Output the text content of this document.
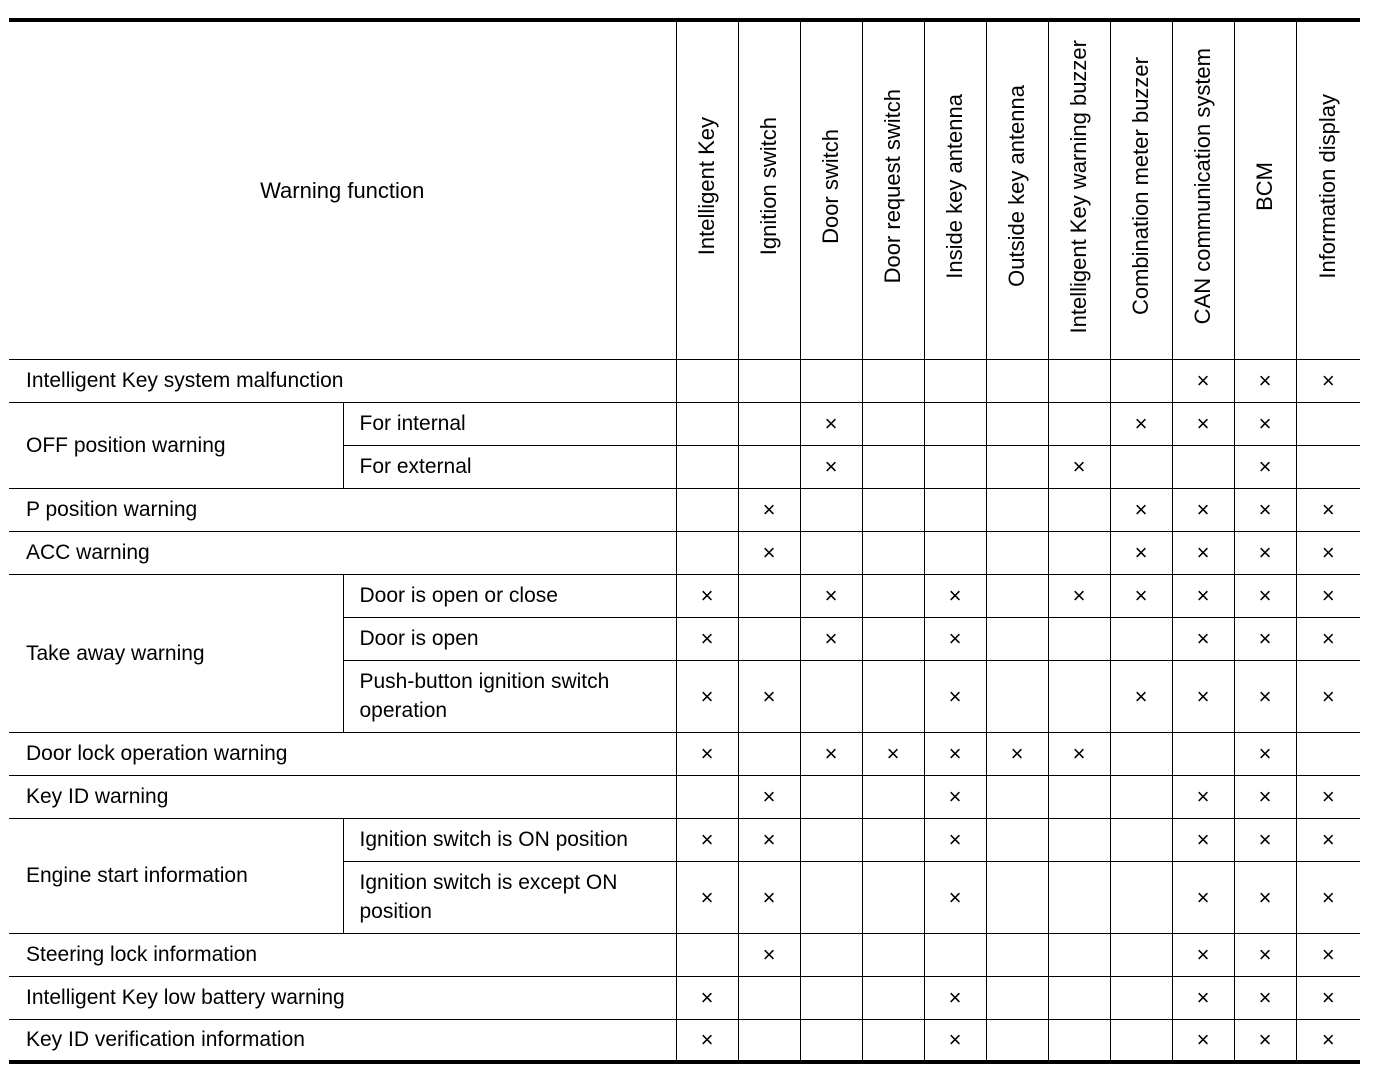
Warning function		Intelligent Key	Ignition switch	Door switch	Door request switch	Inside key antenna	Outside key antenna	Intelligent Key warning buzzer	Combination meter buzzer	CAN communication system	BCM	Information display
Intelligent Key system malfunction										×	×	×
OFF position warning	For internal			×					×	×	×	
	For external			×				×			×	
P position warning			×						×	×	×	×
ACC warning			×						×	×	×	×
Take away warning	Door is open or close	×		×		×		×	×	×	×	×
	Door is open	×		×		×				×	×	×
	Push-button ignition switch operation	×	×			×			×	×	×	×
Door lock operation warning		×		×	×	×	×	×			×	
Key ID warning			×			×				×	×	×
Engine start information	Ignition switch is ON position	×	×			×				×	×	×
	Ignition switch is except ON position	×	×			×				×	×	×
Steering lock information			×							×	×	×
Intelligent Key low battery warning		×				×				×	×	×
Key ID verification information		×				×				×	×	×
